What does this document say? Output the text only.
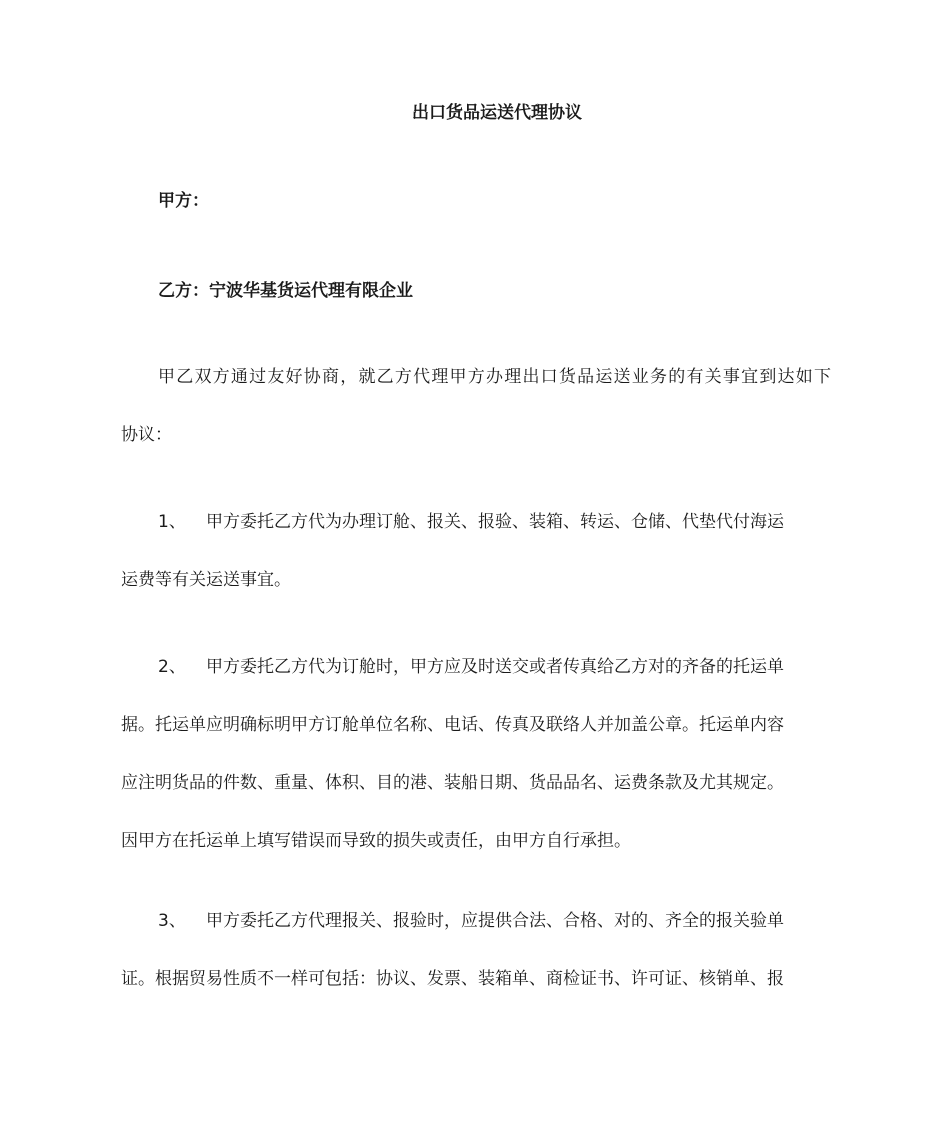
出口货品运送代理协议
甲方：
乙方：宁波华基货运代理有限企业
甲乙双方通过友好协商，就乙方代理甲方办理出口货品运送业务的有关事宜到达如下
协议：
1、 甲方委托乙方代为办理订舱、报关、报验、装箱、转运、仓储、代垫代付海运
运费等有关运送事宜。
2、 甲方委托乙方代为订舱时，甲方应及时送交或者传真给乙方对的齐备的托运单
据。托运单应明确标明甲方订舱单位名称、电话、传真及联络人并加盖公章。托运单内容
应注明货品的件数、重量、体积、目的港、装船日期、货品品名、运费条款及尤其规定。
因甲方在托运单上填写错误而导致的损失或责任，由甲方自行承担。
3、 甲方委托乙方代理报关、报验时，应提供合法、合格、对的、齐全的报关验单
证。根据贸易性质不一样可包括：协议、发票、装箱单、商检证书、许可证、核销单、报
